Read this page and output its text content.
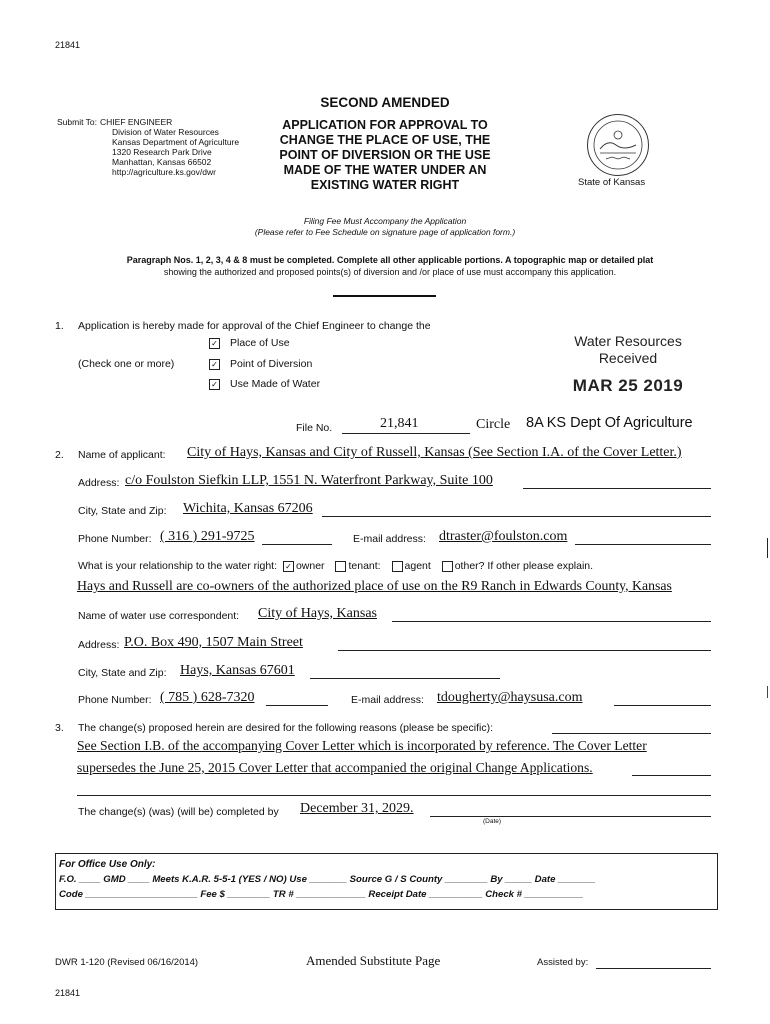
21841
Submit To: CHIEF ENGINEER
Division of Water Resources
Kansas Department of Agriculture
1320 Research Park Drive
Manhattan, Kansas 66502
http://agriculture.ks.gov/dwr
SECOND AMENDED
APPLICATION FOR APPROVAL TO
CHANGE THE PLACE OF USE, THE
POINT OF DIVERSION OR THE USE
MADE OF THE WATER UNDER AN
EXISTING WATER RIGHT	State of Kansas
Filing Fee Must Accompany the Application
(Please refer to Fee Schedule on signature page of application form.)
Paragraph Nos. 1, 2, 3, 4 & 8 must be completed. Complete all other applicable portions. A topographic map or detailed plat
showing the authorized and proposed points(s) of diversion and /or place of use must accompany this application.
1. Application is hereby made for approval of the Chief Engineer to change the
(Check one or more)
✓ Place of Use
✓ Point of Diversion
✓ Use Made of Water
Water Resources
Received
MAR 25 2019
File No.	21,841	Circle 8A KS Dept Of Agriculture
2. Name of applicant: City of Hays, Kansas and City of Russell, Kansas (See Section I.A. of the Cover Letter.)
Address: c/o Foulston Siefkin LLP, 1551 N. Waterfront Parkway, Suite 100
City, State and Zip: Wichita, Kansas 67206
Phone Number: ( 316 ) 291-9725	E-mail address: dtraster@foulston.com
What is your relationship to the water right: ✓ owner tenant: agent other? If other please explain.
Hays and Russell are co-owners of the authorized place of use on the R9 Ranch in Edwards County, Kansas
Name of water use correspondent: City of Hays, Kansas
Address: P.O. Box 490, 1507 Main Street
City, State and Zip: Hays, Kansas 67601
Phone Number: ( 785 ) 628-7320	E-mail address: tdougherty@haysusa.com
3. The change(s) proposed herein are desired for the following reasons (please be specific):
See Section I.B. of the accompanying Cover Letter which is incorporated by reference. The Cover Letter
supersedes the June 25, 2015 Cover Letter that accompanied the original Change Applications.
The change(s) (was) (will be) completed by December 31, 2029.
(Date)
For Office Use Only:
F.O. ____ GMD ____ Meets K.A.R. 5-5-1 (YES / NO) Use _______ Source G / S County ________ By _____ Date _______
Code _____________________ Fee $ ________ TR # _____________ Receipt Date __________ Check # ___________
DWR 1-120 (Revised 06/16/2014)	Amended Substitute Page	Assisted by:
21841
